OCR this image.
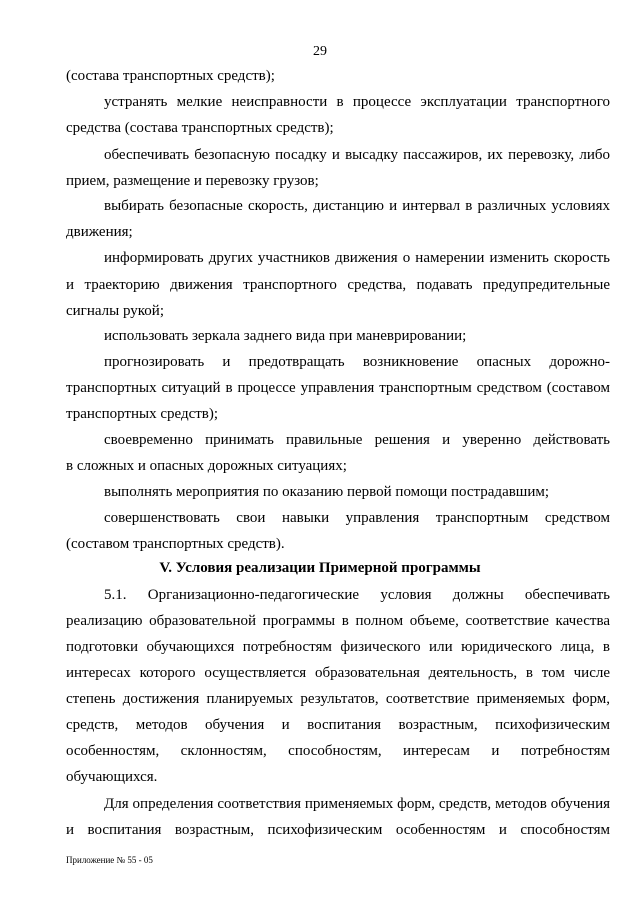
29
(состава транспортных средств);
устранять мелкие неисправности в процессе эксплуатации транспортного
средства (состава транспортных средств);
обеспечивать безопасную посадку и высадку пассажиров, их перевозку, либо
прием, размещение и перевозку грузов;
выбирать безопасные скорость, дистанцию и интервал в различных условиях
движения;
информировать других участников движения о намерении изменить скорость
и траекторию движения транспортного средства, подавать предупредительные
сигналы рукой;
использовать зеркала заднего вида при маневрировании;
прогнозировать и предотвращать возникновение опасных дорожно-
транспортных ситуаций в процессе управления транспортным средством (составом
транспортных средств);
своевременно принимать правильные решения и уверенно действовать
в сложных и опасных дорожных ситуациях;
выполнять мероприятия по оказанию первой помощи пострадавшим;
совершенствовать свои навыки управления транспортным средством
(составом транспортных средств).
V. Условия реализации Примерной программы
5.1. Организационно-педагогические условия должны обеспечивать
реализацию образовательной программы в полном объеме, соответствие качества
подготовки обучающихся потребностям физического или юридического лица, в
интересах которого осуществляется образовательная деятельность, в том числе
степень достижения планируемых результатов, соответствие применяемых форм,
средств, методов обучения и воспитания возрастным, психофизическим
особенностям, склонностям, способностям, интересам и потребностям
обучающихся.
Для определения соответствия применяемых форм, средств, методов обучения
и воспитания возрастным, психофизическим особенностям и способностям
Приложение № 55 - 05
